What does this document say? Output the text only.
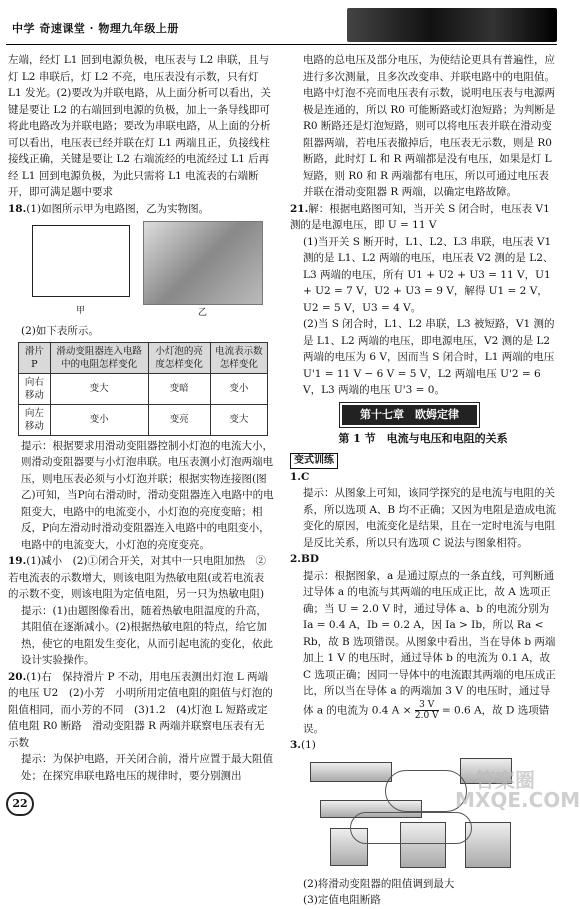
中学 奇速课堂 · 物理九年级上册

左端，经灯 L1 回到电源负极，电压表与 L2 串联，且与灯 L2 串联后，灯 L2 不亮，电压表没有示数，只有灯

L1 发光。(2)要改为并联电路，从上面分析可以看出，关键是要让 L2 的右端回到电源的负极，加上一条导线即可将此电路改为并联电路；要改为串联电路，从上面的分析可以看出，电压表已经并联在灯 L1 两端且正，负接线柱接线正确，关键是要让 L2 右端流经的电流经过 L1 后再经 L1 回到电源负极，为此只需将 L1 电流表的右端断开，即可满足题中要求

18.(1)如图所示甲为电路图，乙为实物图。

甲	乙

(2)如下表所示。

滑片 P	滑动变阻器连入电路中的电阻怎样变化	小灯泡的亮度怎样变化	电流表示数怎样变化
向右移动	变大	变暗	变小
向左移动	变小	变亮	变大

提示：根据要求用滑动变阻器控制小灯泡的电流大小，则滑动变阻器要与小灯泡串联。电压表测小灯泡两端电压，则电压表必须与小灯泡并联；根据实物连接图(图乙)可知，当P向右滑动时，滑动变阻器连入电路中的电阻变大，电路中的电流变小，小灯泡的亮度变暗；相反，P向左滑动时滑动变阻器连入电路中的电阻变小，电路中的电流变大，小灯泡的亮度变亮。

19.(1)减小　(2)①闭合开关，对其中一只电阻加热　②若电流表的示数增大，则该电阻为热敏电阻(或若电流表的示数不变，则该电阻为定值电阻，另一只为热敏电阻)

提示：(1)由题图像看出，随着热敏电阻温度的升高，其阻值在逐渐减小。(2)根据热敏电阻的特点，给它加热，使它的电阻发生变化，从而引起电流的变化，依此设计实验操作。

20.(1)右　保持滑片 P 不动，用电压表测出灯泡 L 两端的电压 U2　(2)小芳　小明所用定值电阻的阻值与灯泡的阻值相同，而小芳的不同　(3)1.2　(4)灯泡 L 短路或定值电阻 R0 断路　滑动变阻器 R 两端并联察电压表有无示数

提示：为保护电路，开关闭合前，滑片应置于最大阻值处；在探究串联电路电压的规律时，要分别测出

电路的总电压及部分电压，为使结论更具有普遍性，应进行多次测量，且多次改变串、并联电路中的电阻值。电路中灯泡不亮而电压表有示数，说明电压表与电源两极是连通的，所以 R0 可能断路或灯泡短路；为判断是 R0 断路还是灯泡短路，则可以将电压表并联在滑动变阻器两端，若电压表撤掉后，电压表无示数，则是 R0 断路，此时灯 L 和 R 两端都是没有电压，如果是灯 L 短路，则 R0 和 R 两端都有电压，所以可通过电压表并联在滑动变阻器 R 两端，以确定电路故障。

21.解：根据电路图可知，当开关 S 闭合时，电压表 V1 测的是电源电压，即 U = 11 V

(1)当开关 S 断开时，L1、L2、L3 串联，电压表 V1 测的是 L1、L2 两端的电压，电压表 V2 测的是 L2、L3 两端的电压，所有 U1 + U2 + U3 = 11 V，U1 + U2 = 7 V，U2 + U3 = 9 V，解得 U1 = 2 V，U2 = 5 V，U3 = 4 V。

(2)当 S 闭合时，L1、L2 串联，L3 被短路，V1 测的是 L1、L2 两端的电压，即电源电压，V2 测的是 L2 两端的电压为 6 V，因而当 S 闭合时，L1 两端的电压 U'1 = 11 V − 6 V = 5 V，L2 两端电压 U'2 = 6 V，L3 两端的电压 U'3 = 0。

第十七章　欧姆定律
第 1 节　电流与电压和电阻的关系
变式训练

1.C

提示：从图象上可知，该同学探究的是电流与电阻的关系，所以选项 A、B 均不正确；又因为电阻是造成电流变化的原因，电流变化是结果，且在一定时电流与电阻是反比关系，所以只有选项 C 说法与图象相符。

2.BD

提示：根据图象，a 是通过原点的一条直线，可判断通过导体 a 的电流与其两端的电压成正比，故 A 选项正确；当 U = 2.0 V 时，通过导体 a、b 的电流分别为 Ia = 0.4 A，Ib = 0.2 A，因 Ia > Ib，所以 Ra < Rb，故 B 选项错误。从图象中看出，当在导体 b 两端加上 1 V 的电压时，通过导体 b 的电流为 0.1 A，故 C 选项正确；因同一导体中的电流跟其两端的电压成正比，所以当在导体 a 的两端加 3 V 的电压时，通过导体 a 的电流为 0.4 $A \times \frac{3 V}{2.0 V} = 0.6$ A，故 D 选项错误。

3.(1)

(2)将滑动变阻器的阻值调到最大

(3)定值电阻断路

22
答案圈 MXQE.COM
